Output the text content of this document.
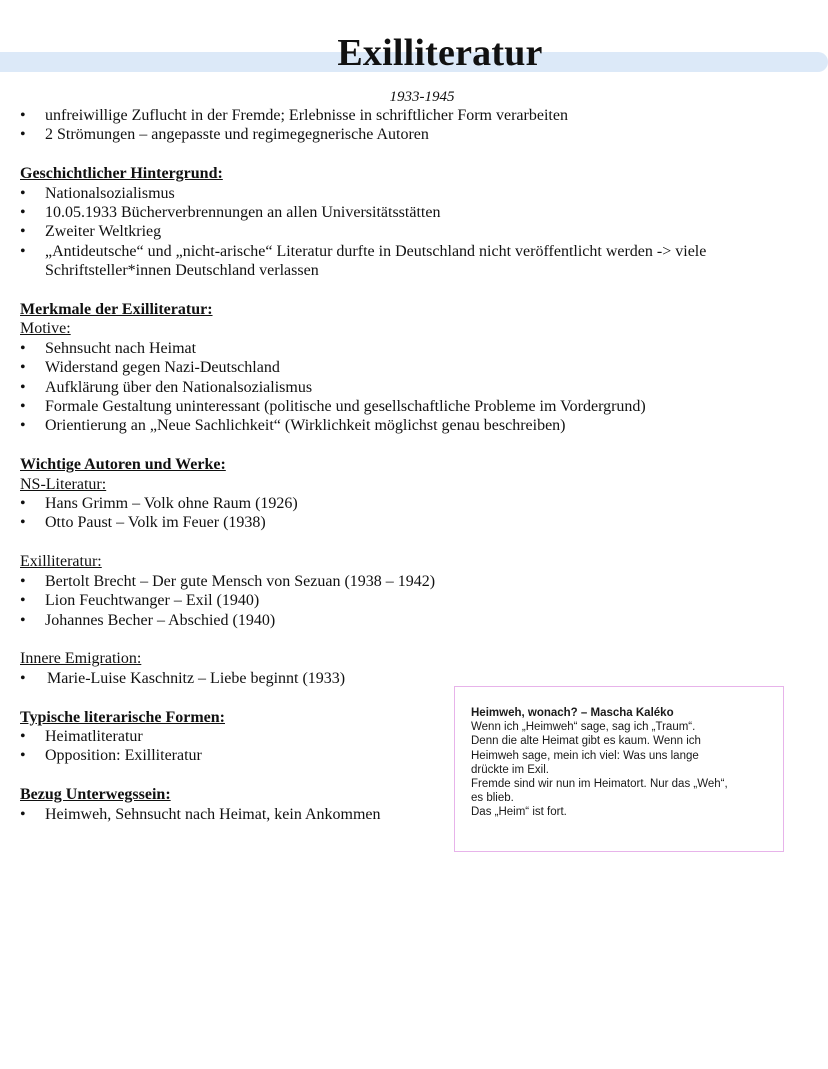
Exilliteratur
1933-1945
• unfreiwillige Zuflucht in der Fremde; Erlebnisse in schriftlicher Form verarbeiten
• 2 Strömungen – angepasste und regimegegnerische Autoren
Geschichtlicher Hintergrund:
• Nationalsozialismus
• 10.05.1933 Bücherverbrennungen an allen Universitätsstätten
• Zweiter Weltkrieg
• „Antideutsche“ und „nicht-arische“ Literatur durfte in Deutschland nicht veröffentlicht werden -> viele Schriftsteller*innen Deutschland verlassen
Merkmale der Exilliteratur:
Motive:
• Sehnsucht nach Heimat
• Widerstand gegen Nazi-Deutschland
• Aufklärung über den Nationalsozialismus
• Formale Gestaltung uninteressant (politische und gesellschaftliche Probleme im Vordergrund)
• Orientierung an „Neue Sachlichkeit“ (Wirklichkeit möglichst genau beschreiben)
Wichtige Autoren und Werke:
NS-Literatur:
• Hans Grimm – Volk ohne Raum (1926)
• Otto Paust – Volk im Feuer (1938)
Exilliteratur:
• Bertolt Brecht – Der gute Mensch von Sezuan (1938 – 1942)
• Lion Feuchtwanger – Exil (1940)
• Johannes Becher – Abschied (1940)
Innere Emigration:
• Marie-Luise Kaschnitz – Liebe beginnt (1933)
Typische literarische Formen:
• Heimatliteratur
• Opposition: Exilliteratur
Bezug Unterwegssein:
• Heimweh, Sehnsucht nach Heimat, kein Ankommen
Heimweh, wonach? – Mascha Kaléko
Wenn ich „Heimweh“ sage, sag ich „Traum“.
Denn die alte Heimat gibt es kaum. Wenn ich
Heimweh sage, mein ich viel: Was uns lange
drückte im Exil.
Fremde sind wir nun im Heimatort. Nur das „Weh“,
es blieb.
Das „Heim“ ist fort.
